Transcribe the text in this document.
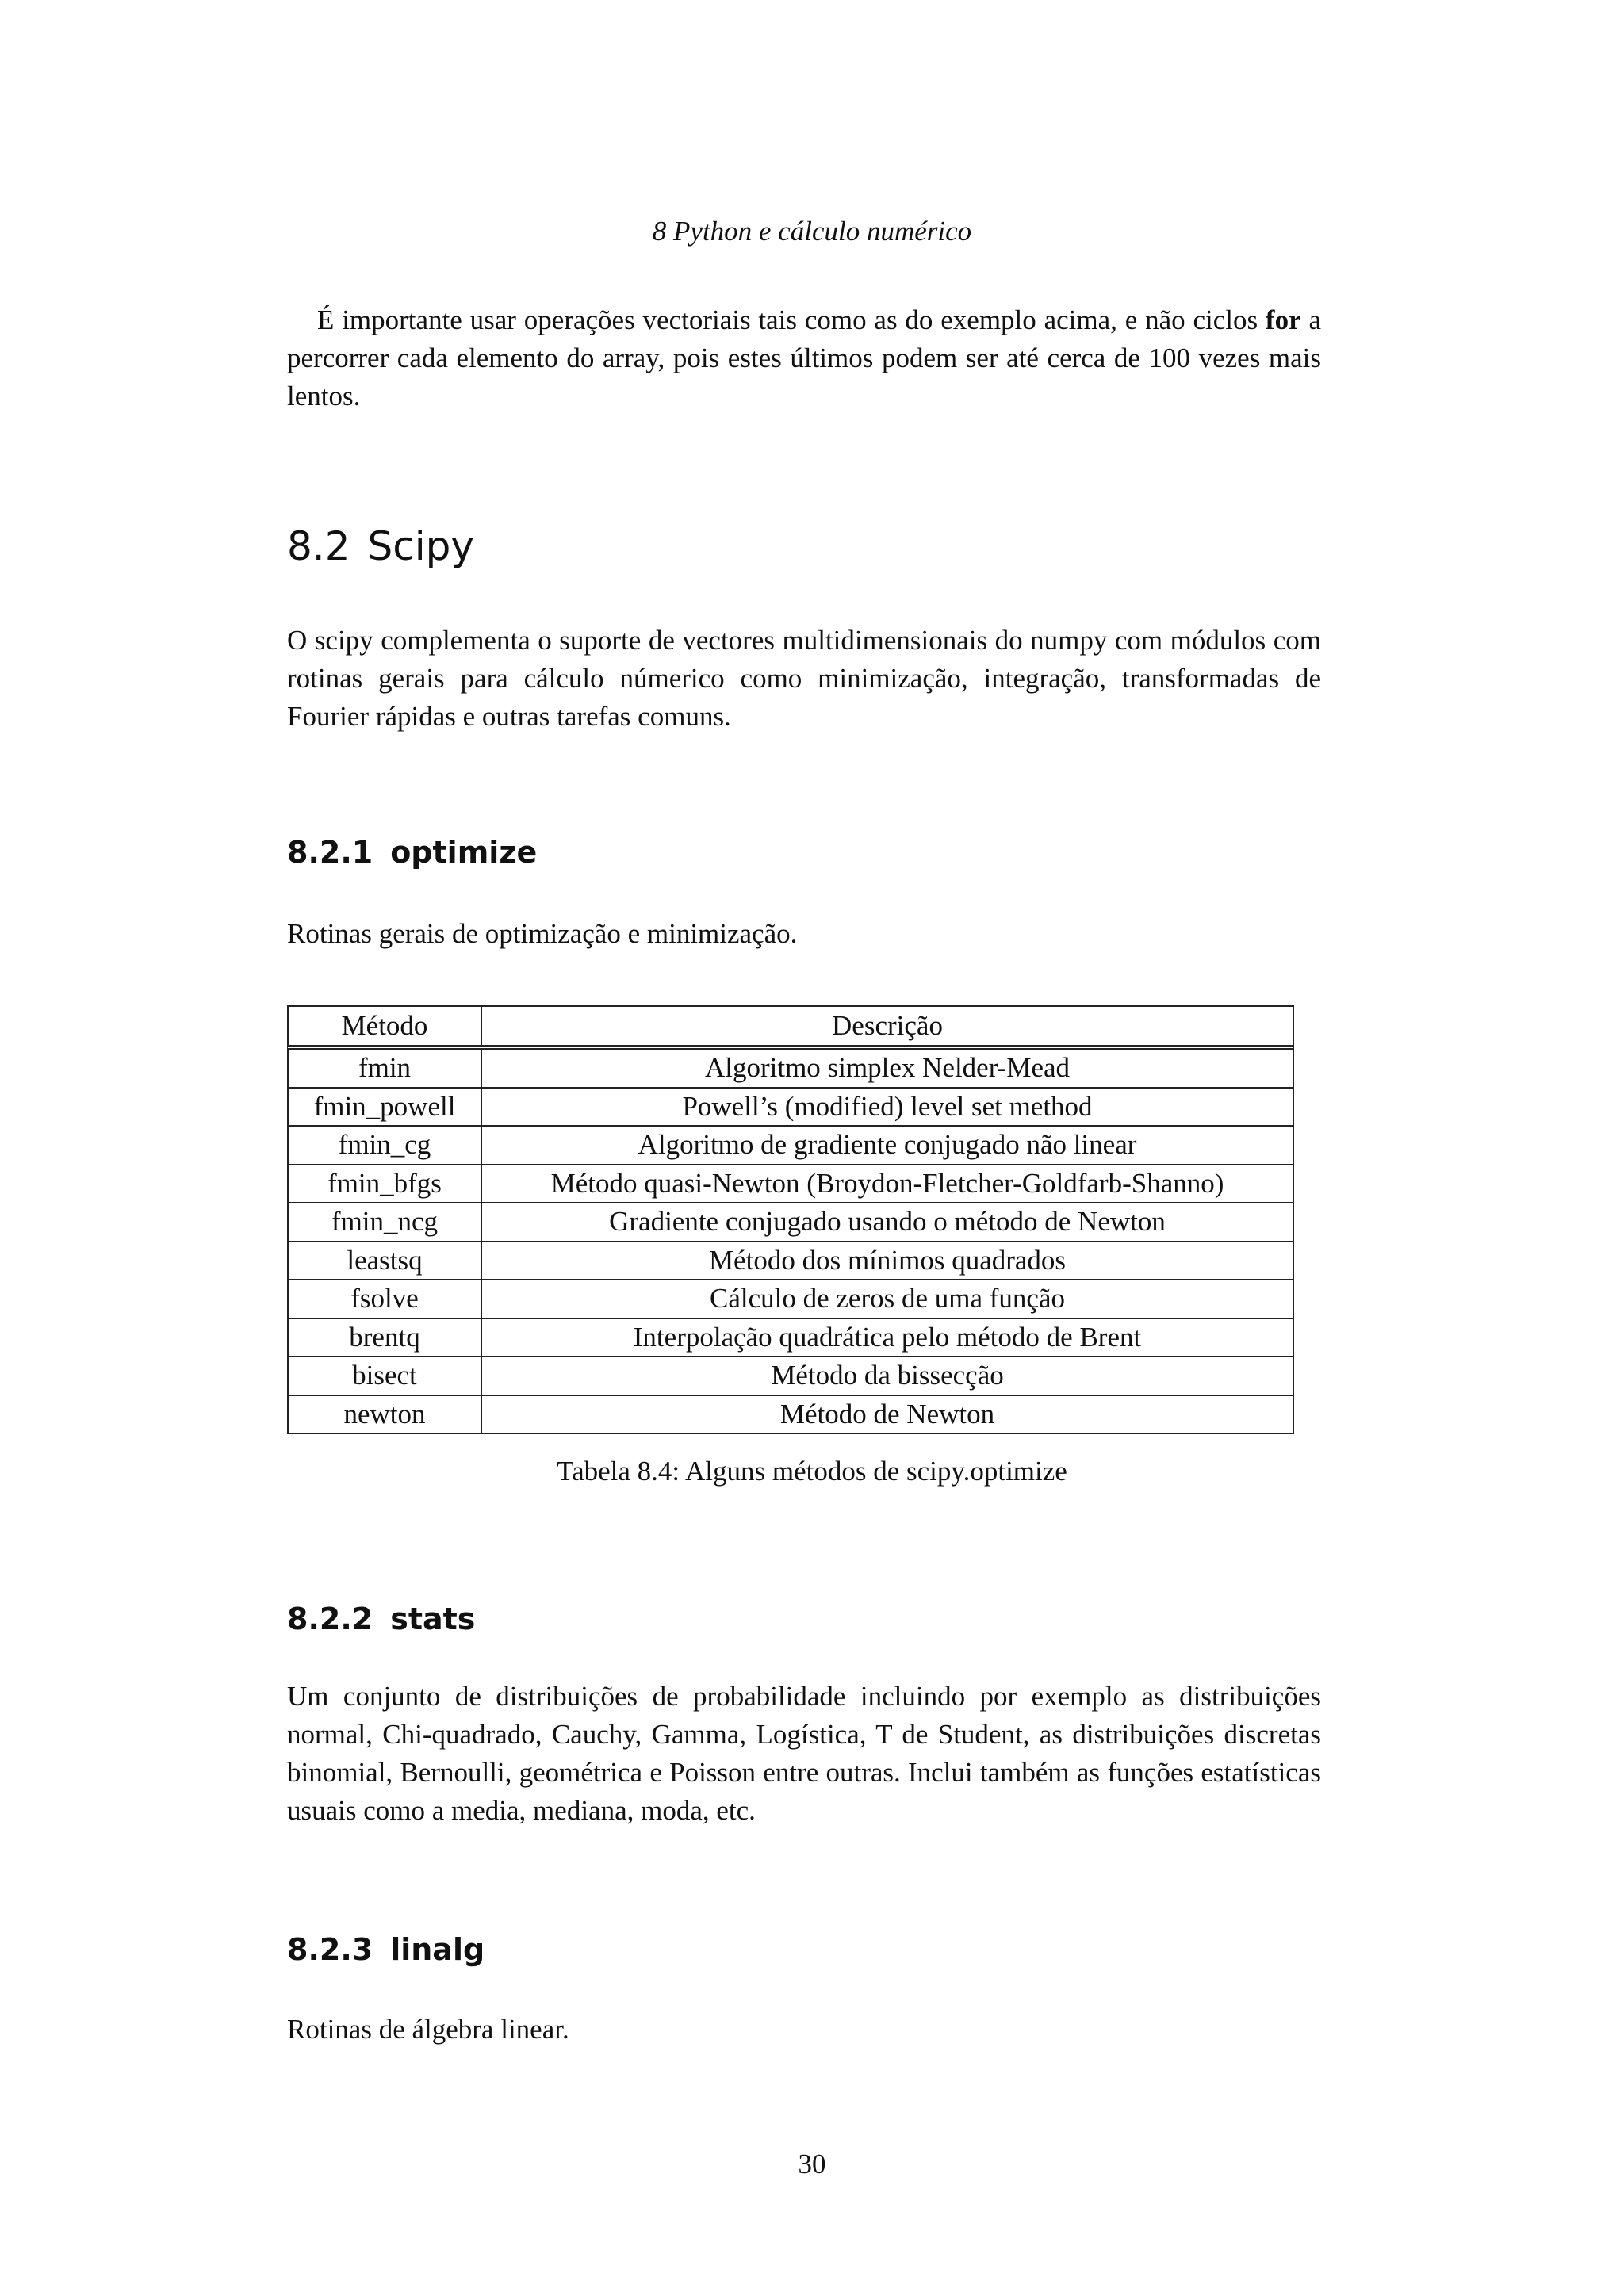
8 Python e cálculo numérico

É importante usar operações vectoriais tais como as do exemplo acima, e não ciclos for a percorrer cada elemento do array, pois estes últimos podem ser até cerca de 100 vezes mais lentos.

8.2 Scipy

O scipy complementa o suporte de vectores multidimensionais do numpy com módulos com rotinas gerais para cálculo númerico como minimização, integração, transformadas de Fourier rápidas e outras tarefas comuns.

8.2.1 optimize

Rotinas gerais de optimização e minimização.

Método	Descrição
fmin	Algoritmo simplex Nelder-Mead
fmin_powell	Powell’s (modified) level set method
fmin_cg	Algoritmo de gradiente conjugado não linear
fmin_bfgs	Método quasi-Newton (Broydon-Fletcher-Goldfarb-Shanno)
fmin_ncg	Gradiente conjugado usando o método de Newton
leastsq	Método dos mínimos quadrados
fsolve	Cálculo de zeros de uma função
brentq	Interpolação quadrática pelo método de Brent
bisect	Método da bissecção
newton	Método de Newton
Tabela 8.4: Alguns métodos de scipy.optimize
8.2.2 stats

Um conjunto de distribuições de probabilidade incluindo por exemplo as distribuições normal, Chi-quadrado, Cauchy, Gamma, Logística, T de Student, as distribuições discretas binomial, Bernoulli, geométrica e Poisson entre outras. Inclui também as funções estatísticas usuais como a media, mediana, moda, etc.

8.2.3 linalg

Rotinas de álgebra linear.

30
